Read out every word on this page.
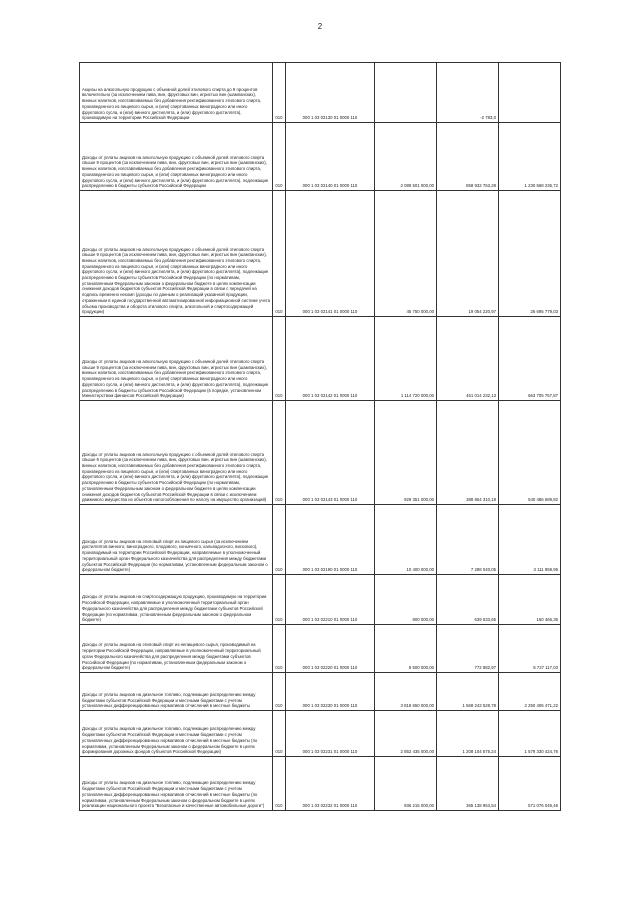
2
Акцизы на алкогольную продукцию с объемной долей этилового спирта до 9 процентов включительно (за исключением пива, вин, фруктовых вин, игристых вин (шампанских), винных напитков, изготавливаемых без добавления ректификованного этилового спирта, произведенного из пищевого сырья, и (или) спиртованных виноградного или иного фруктового сусла, и (или) винного дистиллята, и (или) фруктового дистиллята), производимую на территории Российской Федерации	010	000 1 03 02130 01 0000 110		-2 783,0	
Доходы от уплаты акцизов на алкогольную продукцию с объемной долей этилового спирта свыше 9 процентов (за исключением пива, вин, фруктовых вин, игристых вин (шампанских), винных напитков, изготавливаемых без добавления ректификованного этилового спирта, произведенного из пищевого сырья, и (или) спиртованных виноградного или иного фруктового сусла, и (или) винного дистиллята, и (или) фруктового дистиллята), подлежащие распределению в бюджеты субъектов Российской Федерации	010	000 1 03 02140 01 0000 110	2 089 501 000,00	858 932 763,28	1 230 568 236,72
Доходы от уплаты акцизов на алкогольную продукцию с объемной долей этилового спирта свыше 9 процентов (за исключением пива, вин, фруктовых вин, игристых вин (шампанских), винных напитков, изготавливаемых без добавления ректификованного этилового спирта, произведенного из пищевого сырья, и (или) спиртованных виноградного или иного фруктового сусла, и (или) винного дистиллята, и (или) фруктового дистиллята), подлежащие распределению в бюджеты субъектов Российской Федерации (по нормативам, установленным Федеральным законом о федеральном бюджете в целях компенсации снижения доходов бюджетов субъектов Российской Федерации в связи с передачей на подпись временно некомп (доходы по данным о реализаций указанной продукции, отраженным в единой государственной автоматизированной информационной системе учета объема производства и оборота этилового спирта, алкогольной и спиртосодержащей продукции)	010	000 1 03 02141 01 0000 110	45 750 000,00	19 054 220,97	26 695 779,03
Доходы от уплаты акцизов на алкогольную продукцию с объемной долей этилового спирта свыше 9 процентов (за исключением пива, вин, фруктовых вин, игристых вин (шампанских), винных напитков, изготавливаемых без добавления ректификованного этилового спирта, произведенного из пищевого сырья, и (или) спиртованных виноградного или иного фруктового сусла, и (или) винного дистиллята, и (или) фруктового дистиллята), подлежащие распределению в бюджеты субъектов Российской Федерации (в порядке, установленном Министерством финансов Российской Федерации)	010	000 1 03 02142 01 0000 110	1 114 720 000,00	451 014 232,13	663 705 767,87
Доходы от уплаты акцизов на алкогольную продукцию с объемной долей этилового спирта свыше 9 процентов (за исключением пива, вин, фруктовых вин, игристых вин (шампанских), винных напитков, изготавливаемых без добавления ректификованного этилового спирта, произведенного из пищевого сырья, и (или) спиртованных виноградного или иного фруктового сусла, и (или) винного дистиллята, и (или) фруктового дистиллята), подлежащие распределению в бюджеты субъектов Российской Федерации (по нормативам, установленным Федеральным законом о федеральном бюджете в целях компенсации снижения доходов бюджетов субъектов Российской Федерации в связи с исключением движимого имущества из объектов налогообложения по налогу на имущество организаций)	010	000 1 03 02143 01 0000 110	929 351 000,00	388 864 310,18	540 486 689,82
Доходы от уплаты акцизов на этиловый спирт из пищевого сырья (за исключением дистиллятов винного, виноградного, плодового, коньячного, кальвадосного, вискового), производимый на территории Российской Федерации, направляемые в уполномоченный территориальный орган Федерального казначейства для распределения между бюджетами субъектов Российской Федерации (по нормативам, установленным федеральным законом о федеральном бюджете)	010	000 1 03 02190 01 0000 110	10 400 000,00	7 288 040,05	3 111 959,95
Доходы от уплаты акцизов на спиртосодержащую продукцию, производимую на территории Российской Федерации, направляемые в уполномоченный территориальный орган Федерального казначейства для распределения между бюджетами субъектов Российской Федерации (по нормативам, установленным федеральным законом о федеральном бюджете)	010	000 1 03 02210 01 0000 110	800 000,00	639 533,65	160 466,35
Доходы от уплаты акцизов на этиловый спирт из непищевого сырья, производимый на территории Российской Федерации, направляемые в уполномоченный территориальный орган Федерального казначейства для распределения между бюджетами субъектов Российской Федерации (по нормативам, установленным федеральным законом о федеральном бюджете)	010	000 1 03 02220 01 0000 110	9 500 000,00	772 882,97	8 727 117,03
Доходы от уплаты акцизов на дизельное топливо, подлежащие распределению между бюджетами субъектов Российской Федерации и местными бюджетами с учетом установленных дифференцированных нормативов отчислений в местные бюджеты	010	000 1 03 02230 01 0000 110	3 818 650 000,00	1 568 243 528,78	2 250 406 471,22
Доходы от уплаты акцизов на дизельное топливо, подлежащие распределению между бюджетами субъектов Российской Федерации и местными бюджетами с учетом установленных дифференцированных нормативов отчислений в местные бюджеты (по нормативам, установленным Федеральным законом о федеральном бюджете в целях формирования дорожных фондов субъектов Российской Федерации)	010	000 1 03 02231 01 0000 110	2 852 435 000,00	1 208 104 575,24	1 579 330 424,76
Доходы от уплаты акцизов на дизельное топливо, подлежащие распределению между бюджетами субъектов Российской Федерации и местными бюджетами с учетом установленных дифференцированных нормативов отчислений в местные бюджеты (по нормативам, установленным Федеральным законом о федеральном бюджете в целях реализации национального проекта "Безопасные и качественные автомобильные дороги")	010	000 1 03 02232 01 0000 110	936 215 000,00	365 138 953,54	571 076 046,46
